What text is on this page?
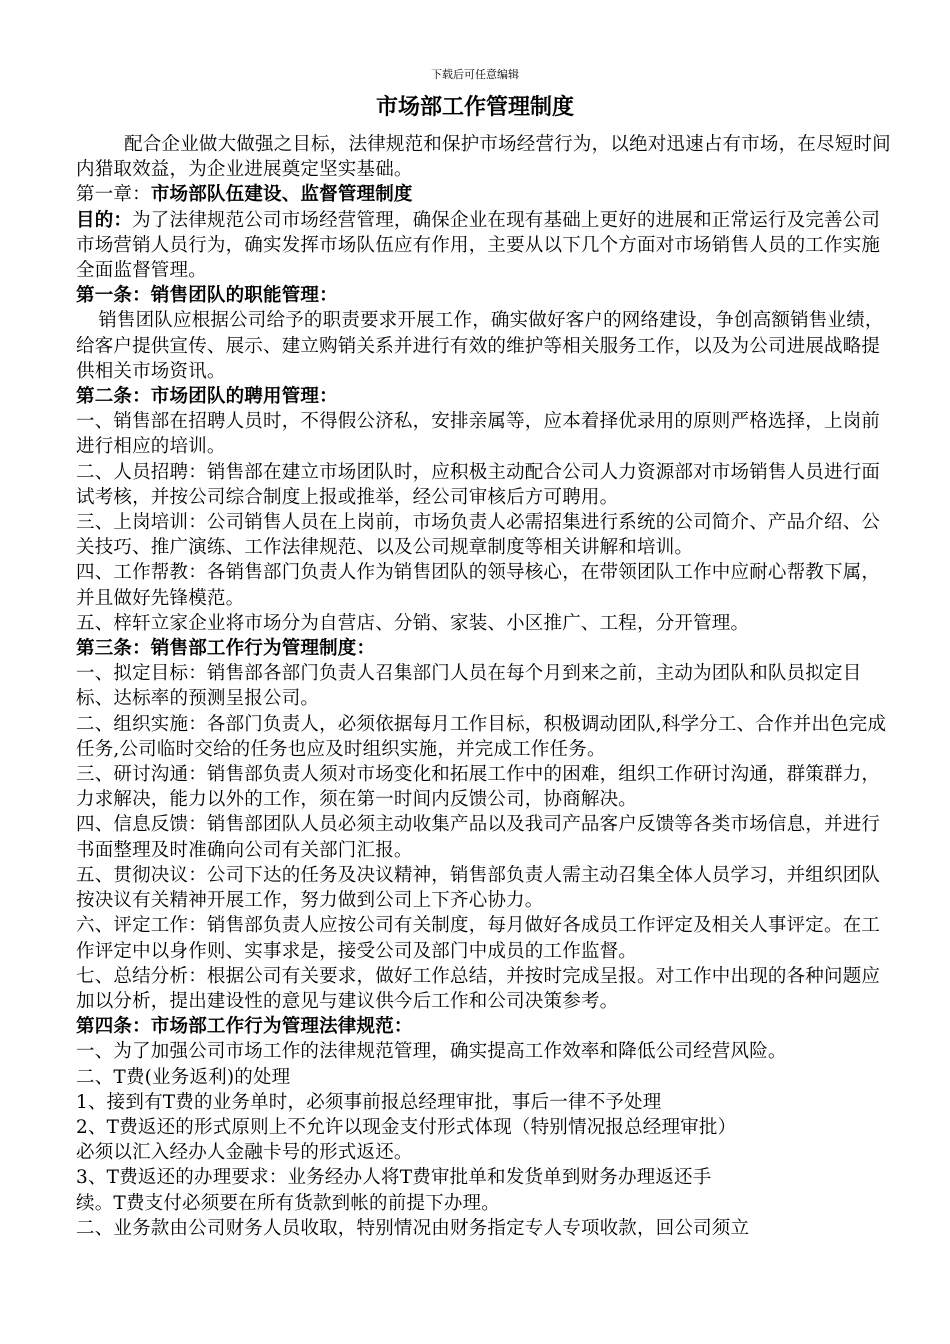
下载后可任意编辑
市场部工作管理制度

配合企业做大做强之目标，法律规范和保护市场经营行为，以绝对迅速占有市场，在尽短时间内猎取效益，为企业进展奠定坚实基础。

第一章：市场部队伍建设、监督管理制度

目的：为了法律规范公司市场经营管理，确保企业在现有基础上更好的进展和正常运行及完善公司市场营销人员行为，确实发挥市场队伍应有作用，主要从以下几个方面对市场销售人员的工作实施全面监督管理。

第一条：销售团队的职能管理：

销售团队应根据公司给予的职责要求开展工作，确实做好客户的网络建设，争创高额销售业绩，给客户提供宣传、展示、建立购销关系并进行有效的维护等相关服务工作，以及为公司进展战略提供相关市场资讯。

第二条：市场团队的聘用管理：

一、销售部在招聘人员时，不得假公济私，安排亲属等，应本着择优录用的原则严格选择，上岗前进行相应的培训。

二、人员招聘：销售部在建立市场团队时，应积极主动配合公司人力资源部对市场销售人员进行面试考核，并按公司综合制度上报或推举，经公司审核后方可聘用。

三、上岗培训：公司销售人员在上岗前，市场负责人必需招集进行系统的公司简介、产品介绍、公关技巧、推广演练、工作法律规范、以及公司规章制度等相关讲解和培训。

四、工作帮教：各销售部门负责人作为销售团队的领导核心，在带领团队工作中应耐心帮教下属，并且做好先锋模范。

五、梓轩立家企业将市场分为自营店、分销、家装、小区推广、工程，分开管理。

第三条：销售部工作行为管理制度：

一、拟定目标：销售部各部门负责人召集部门人员在每个月到来之前，主动为团队和队员拟定目标、达标率的预测呈报公司。

二、组织实施：各部门负责人，必须依据每月工作目标，积极调动团队,科学分工、合作并出色完成任务,公司临时交给的任务也应及时组织实施，并完成工作任务。

三、研讨沟通：销售部负责人须对市场变化和拓展工作中的困难，组织工作研讨沟通，群策群力，力求解决，能力以外的工作，须在第一时间内反馈公司，协商解决。

四、信息反馈：销售部团队人员必须主动收集产品以及我司产品客户反馈等各类市场信息，并进行书面整理及时准确向公司有关部门汇报。

五、贯彻决议：公司下达的任务及决议精神，销售部负责人需主动召集全体人员学习，并组织团队按决议有关精神开展工作，努力做到公司上下齐心协力。

六、评定工作：销售部负责人应按公司有关制度，每月做好各成员工作评定及相关人事评定。在工作评定中以身作则、实事求是，接受公司及部门中成员的工作监督。

七、总结分析：根据公司有关要求，做好工作总结，并按时完成呈报。对工作中出现的各种问题应加以分析，提出建设性的意见与建议供今后工作和公司决策参考。

第四条：市场部工作行为管理法律规范：

一、为了加强公司市场工作的法律规范管理，确实提高工作效率和降低公司经营风险。

二、T费(业务返利)的处理

1、接到有T费的业务单时，必须事前报总经理审批，事后一律不予处理

2、T费返还的形式原则上不允许以现金支付形式体现（特别情况报总经理审批）

必须以汇入经办人金融卡号的形式返还。

3、T费返还的办理要求：业务经办人将T费审批单和发货单到财务办理返还手

续。T费支付必须要在所有货款到帐的前提下办理。

二、业务款由公司财务人员收取，特别情况由财务指定专人专项收款，回公司须立
